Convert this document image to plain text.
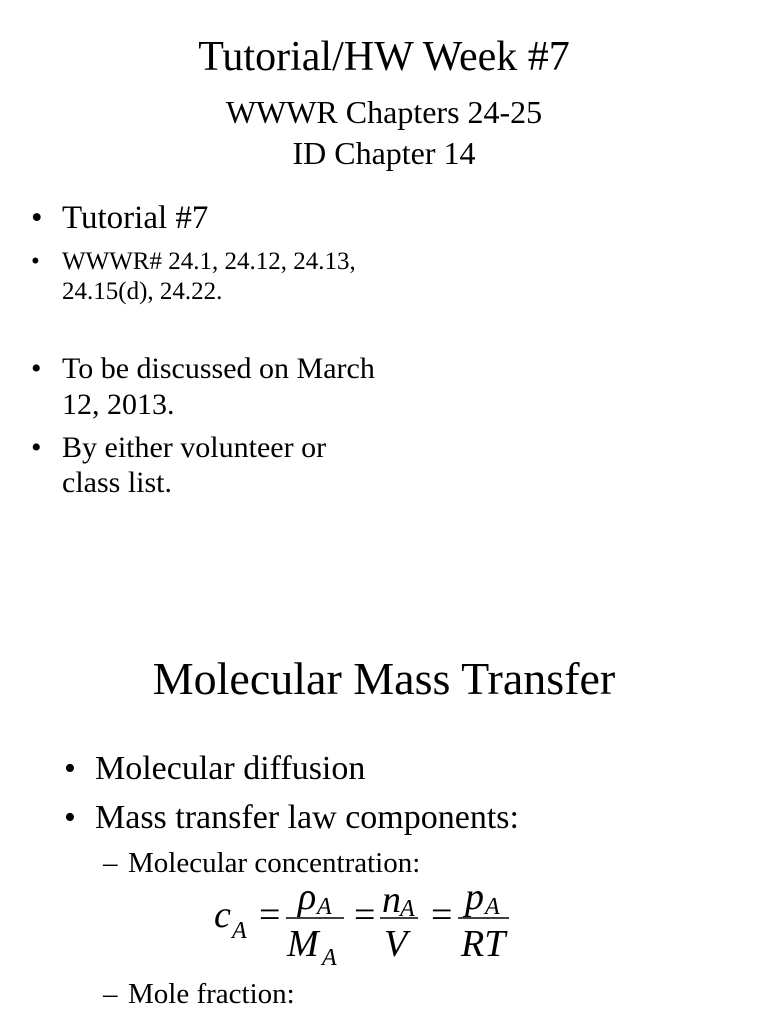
Tutorial/HW Week #7
WWWR Chapters 24-25
ID Chapter 14
• Tutorial #7
• WWWR# 24.1, 24.12, 24.13,
24.15(d), 24.22.
• To be discussed on March
12, 2013.
• By either volunteer or
class list.
Molecular Mass Transfer
• Molecular diffusion
• Mass transfer law components:
– Molecular concentration:
c A = ρ A
M A
= n A
V
= p A
RT
– Mole fraction:
